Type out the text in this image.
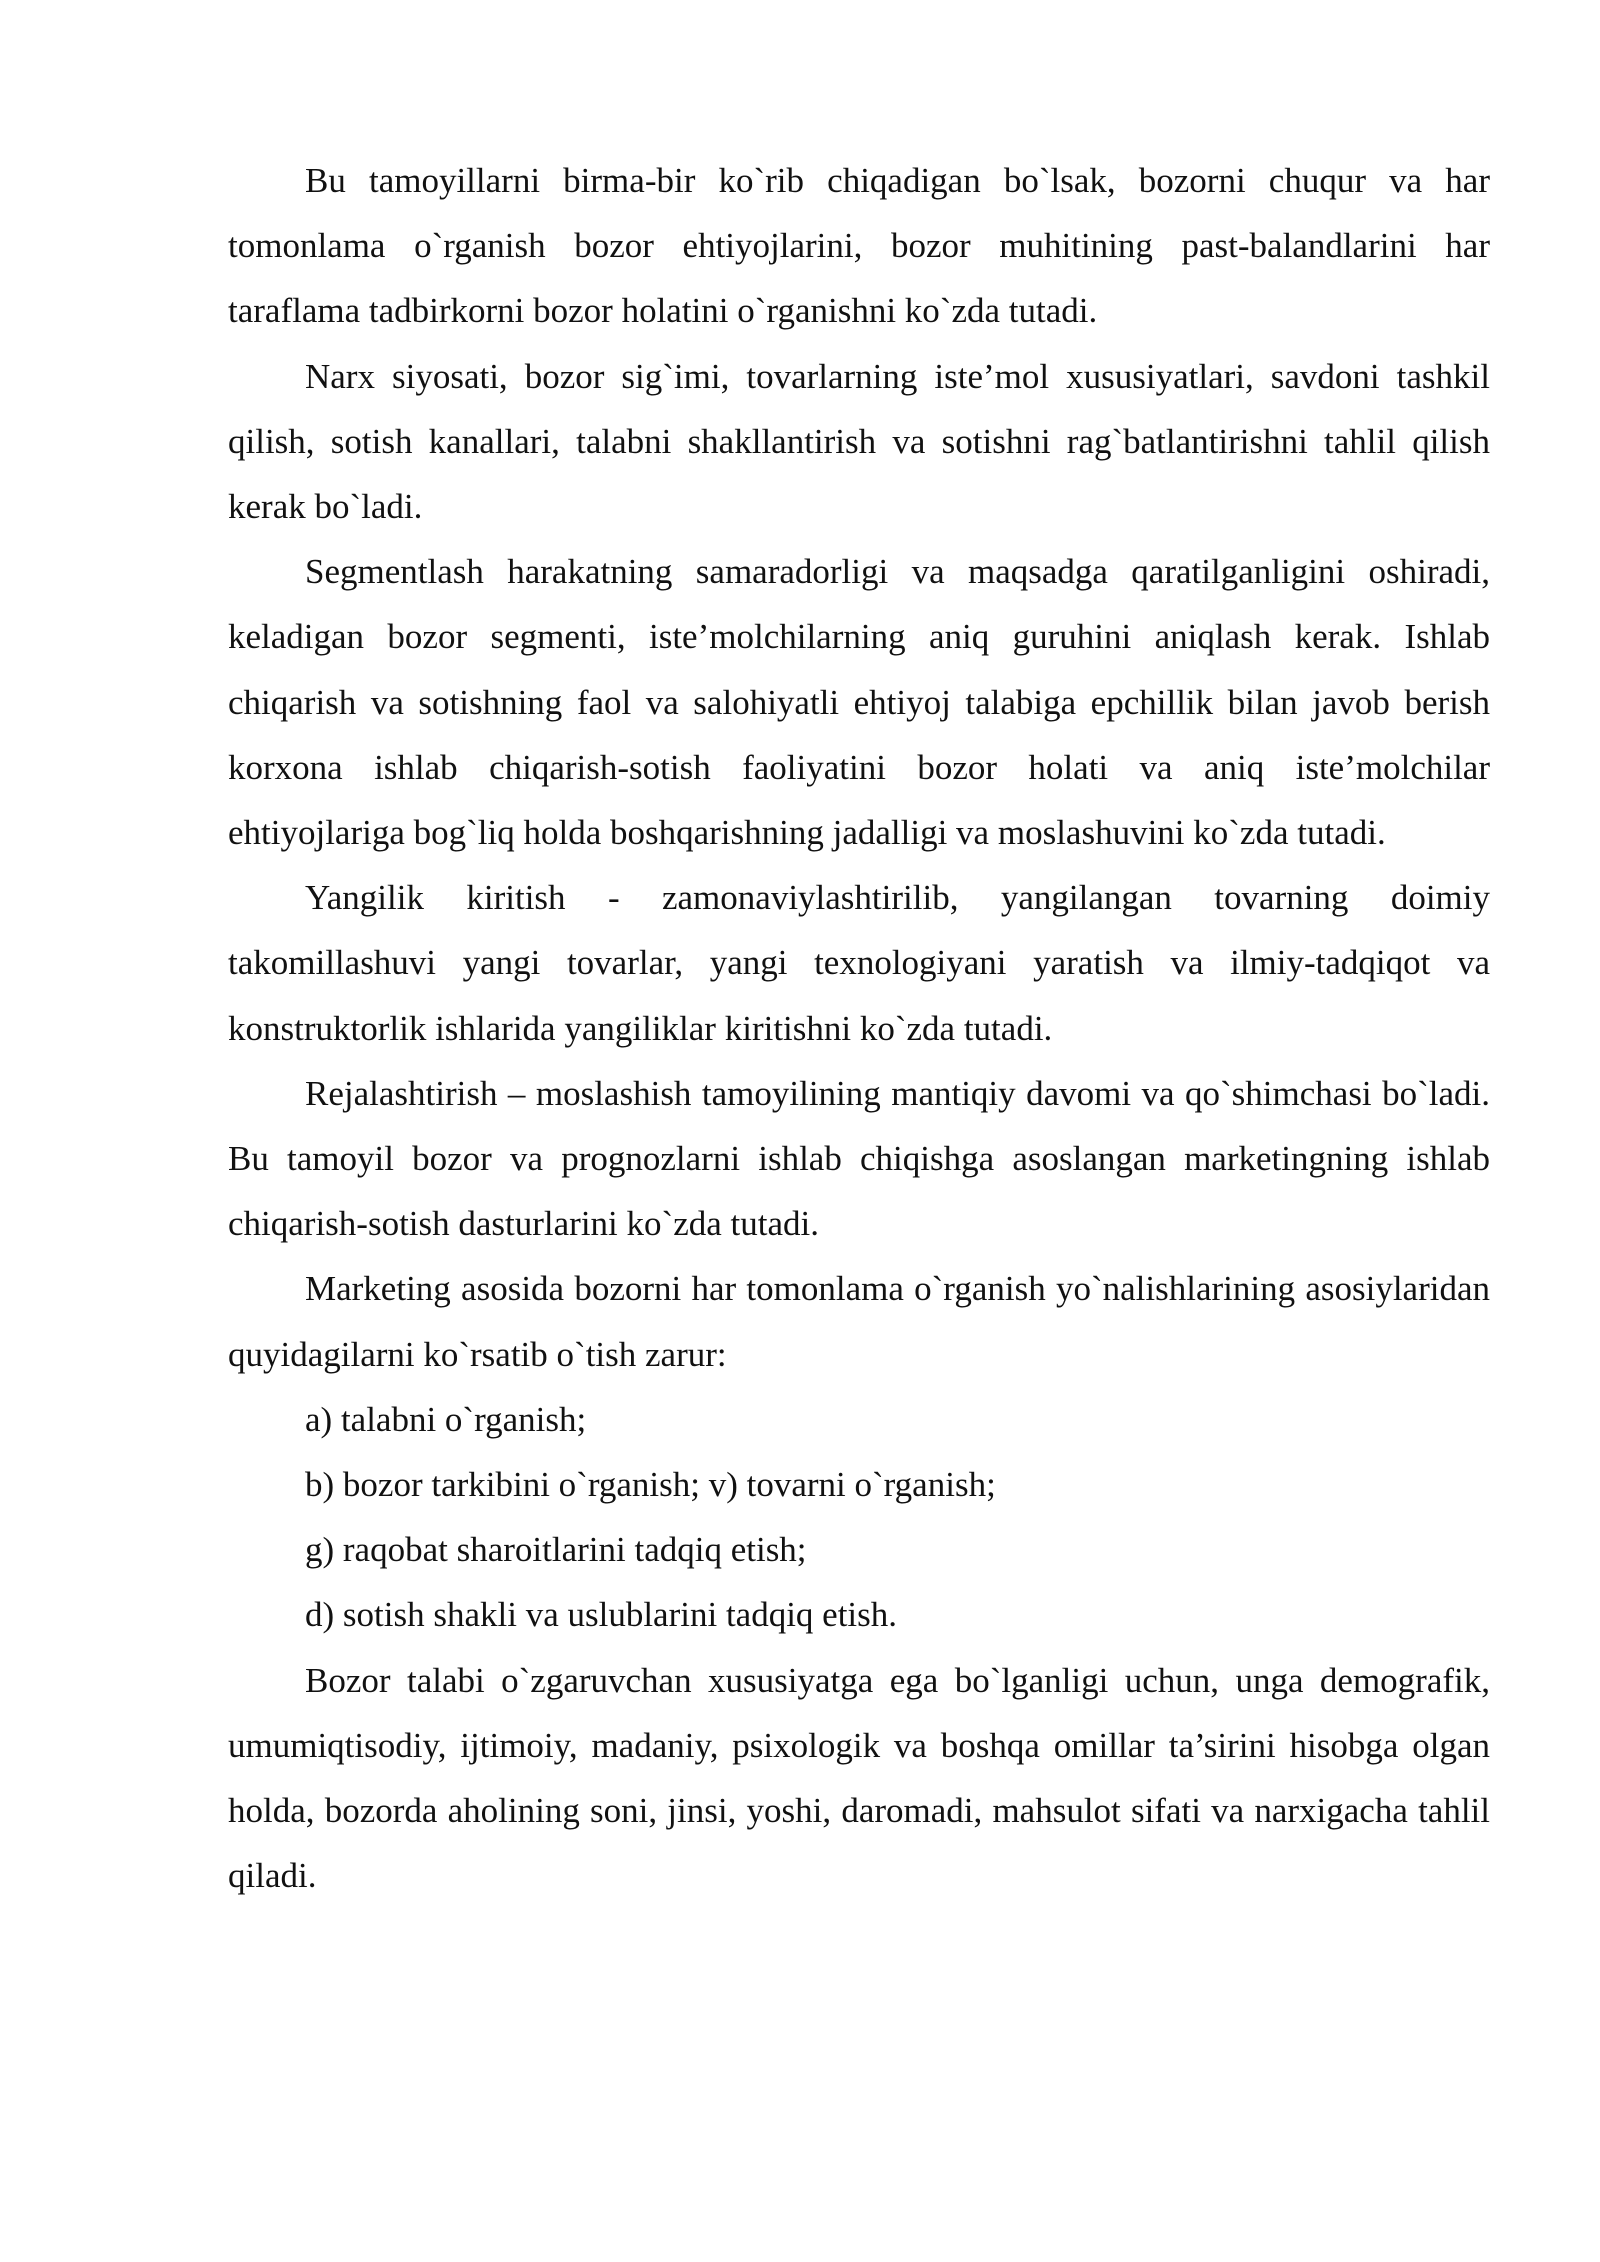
Bu tamoyillarni birma-bir ko`rib chiqadigan bo`lsak, bozorni chuqur va har tomonlama o`rganish bozor ehtiyojlarini, bozor muhitining past-balandlarini har taraflama tadbirkorni bozor holatini o`rganishni ko`zda tutadi.

Narx siyosati, bozor sig`imi, tovarlarning iste’mol xususiyatlari, savdoni tashkil qilish, sotish kanallari, talabni shakllantirish va sotishni rag`batlantirishni tahlil qilish kerak bo`ladi.

Segmentlash harakatning samaradorligi va maqsadga qaratilganligini oshiradi, keladigan bozor segmenti, iste’molchilarning aniq guruhini aniqlash kerak. Ishlab chiqarish va sotishning faol va salohiyatli ehtiyoj talabiga epchillik bilan javob berish korxona ishlab chiqarish-sotish faoliyatini bozor holati va aniq iste’molchilar ehtiyojlariga bog`liq holda boshqarishning jadalligi va moslashuvini ko`zda tutadi.

Yangilik kiritish - zamonaviylashtirilib, yangilangan tovarning doimiy takomillashuvi yangi tovarlar, yangi texnologiyani yaratish va ilmiy-tadqiqot va konstruktorlik ishlarida yangiliklar kiritishni ko`zda tutadi.

Rejalashtirish – moslashish tamoyilining mantiqiy davomi va qo`shimchasi bo`ladi. Bu tamoyil bozor va prognozlarni ishlab chiqishga asoslangan marketingning ishlab chiqarish-sotish dasturlarini ko`zda tutadi.

Marketing asosida bozorni har tomonlama o`rganish yo`nalishlarining asosiylaridan quyidagilarni ko`rsatib o`tish zarur:

a) talabni o`rganish;

b) bozor tarkibini o`rganish; v) tovarni o`rganish;

g) raqobat sharoitlarini tadqiq etish;

d) sotish shakli va uslublarini tadqiq etish.

Bozor talabi o`zgaruvchan xususiyatga ega bo`lganligi uchun, unga demografik, umumiqtisodiy, ijtimoiy, madaniy, psixologik va boshqa omillar ta’sirini hisobga olgan holda, bozorda aholining soni, jinsi, yoshi, daromadi, mahsulot sifati va narxigacha tahlil qiladi.
